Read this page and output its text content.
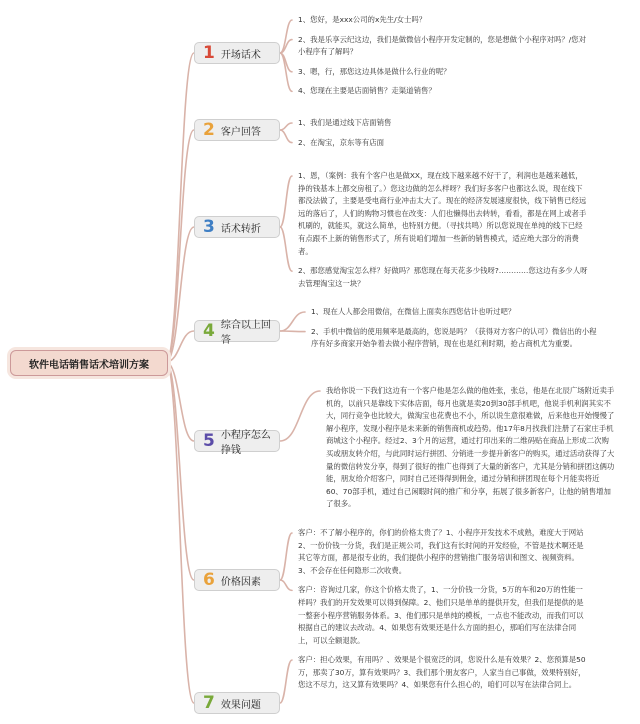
软件电话销售话术培训方案
1 开场话术

1、您好，是xxx公司的x先生/女士吗？

2、我是乐享云纪这边，我们是做微信小程序开发定制的，您是想做个小程序对吗？/您对小程序有了解吗？

3、嗯，行，那您这边具体是做什么行业的呢？

4、您现在主要是店面销售？走渠道销售？

2 客户回答

1、我们是通过线下店面销售

2、在淘宝，京东等有店面

3 话术转折

1、恩，（案例：我有个客户也是做XX，现在线下越来越不好干了，利润也是越来越低，挣的钱基本上都交房租了。）您这边做的怎么样呀？我们好多客户也都这么说，现在线下都没法做了，主要是受电商行业冲击太大了。现在的经济发展速度很快，线下销售已经远远的落后了，人们的购物习惯也在改变：人们也懒得出去转转，看看，都是在网上或者手机刷的，就能买，就这么简单，也特别方便。（寻找共鸣）所以您说现在单纯的线下已经有点跟不上新的销售形式了，所有说咱们增加一些新的销售模式，适应绝大部分的消费者。

2、那您感觉淘宝怎么样？好做吗？那您现在每天花多少钱呀?…………您这边有多少人呀去管理淘宝这一块？

4 综合以上回答

1、现在人人都会用微信，在微信上面卖东西您估计也听过吧？

2、手机中微信的使用频率是最高的，您说是吗？（获得对方客户的认可）微信出的小程序有好多商家开始争着去做小程序营销，现在也是红利时期，抢占商机尤为重要。

5 小程序怎么挣钱

我给你说一下我们这边有一个客户他是怎么做的他姓张，张总，他是在北辰广场附近卖手机的，以前只是靠线下实体店面，每月也就是卖20到30部手机吧，他说手机利润其实不大，同行竞争也比较大，做淘宝也花费也不小，所以说生意很难做，后来他也开始慢慢了解小程序，发现小程序是未来新的销售商机或趋势。他17年8月找我们注册了石家庄手机商城这个小程序。经过2、3个月的运营，通过打印出来的二维码贴在商品上形成二次购买或朋友转介绍，与此同时运行拼团、分销进一步提升新客户的购买，通过活动获得了大量的微信转发分享，得到了很好的推广也得到了大量的新客户，尤其是分销和拼团这俩功能，朋友给介绍客户，同时自己还得得到佣金，通过分销和拼团现在每个月能卖将近60、70部手机，通过自己闲暇时间的推广和分享，拓展了很多新客户，让他的销售增加了很多。

6 价格因素

客户：不了解小程序的，你们的价格太贵了？1、小程序开发技术不成熟，难度大于网站2、一份价钱一分货，我们是正规公司，我们这有长时间的开发经验，不管是技术啊还是其它等方面，都是很专业的，我们提供小程序的营销推广服务培训和图文、视频资料。3、不会存在任何隐形二次收费。

客户：咨询过几家，你这个价格太贵了，1、一分价钱一分货，5万的车和20万的性能一样吗？我们的开发效果可以得到保障。2、他们只是单单的提供开发，但我们是提供的是一整套小程序营销服务体系。3、他们那只是单纯的模板，一点也不能改动，而我们可以根据自己的建议去改动。4、如果您有效果还是什么方面的担心，那咱们写在法律合同上，可以全额退款。

7 效果问题

客户：担心效果，有用吗？、效果是个很宽泛的词，您说什么是有效果？2、您预算是50万，那卖了30万，算有效果吗？3、我们那个朋友客户，人家当自己事做，效果特别好，您这不尽力，这又算有效果吗？4、如果您有什么担心的，咱们可以写在法律合同上。
